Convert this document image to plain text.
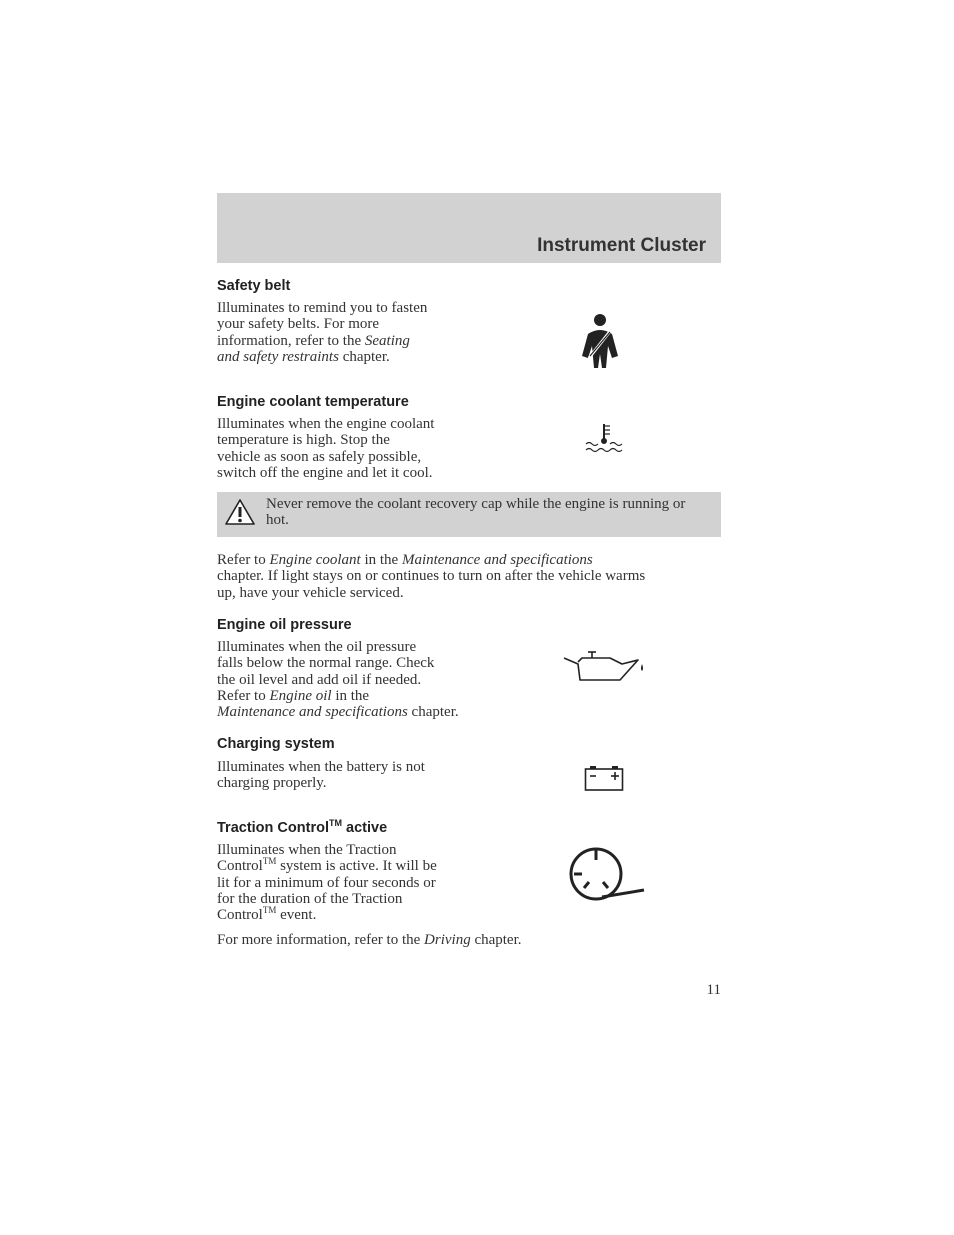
Instrument Cluster
Safety belt
Illuminates to remind you to fasten
your safety belts. For more
information, refer to the Seating
and safety restraints chapter.
Engine coolant temperature
Illuminates when the engine coolant
temperature is high. Stop the
vehicle as soon as safely possible,
switch off the engine and let it cool.
Never remove the coolant recovery cap while the engine is running or hot.
Refer to Engine coolant in the Maintenance and specifications
chapter. If light stays on or continues to turn on after the vehicle warms
up, have your vehicle serviced.
Engine oil pressure
Illuminates when the oil pressure
falls below the normal range. Check
the oil level and add oil if needed.
Refer to Engine oil in the
Maintenance and specifications chapter.
Charging system
Illuminates when the battery is not
charging properly.
Traction Control™ active
Illuminates when the Traction
Control™ system is active. It will be
lit for a minimum of four seconds or
for the duration of the Traction
Control™ event.
For more information, refer to the Driving chapter.
11
